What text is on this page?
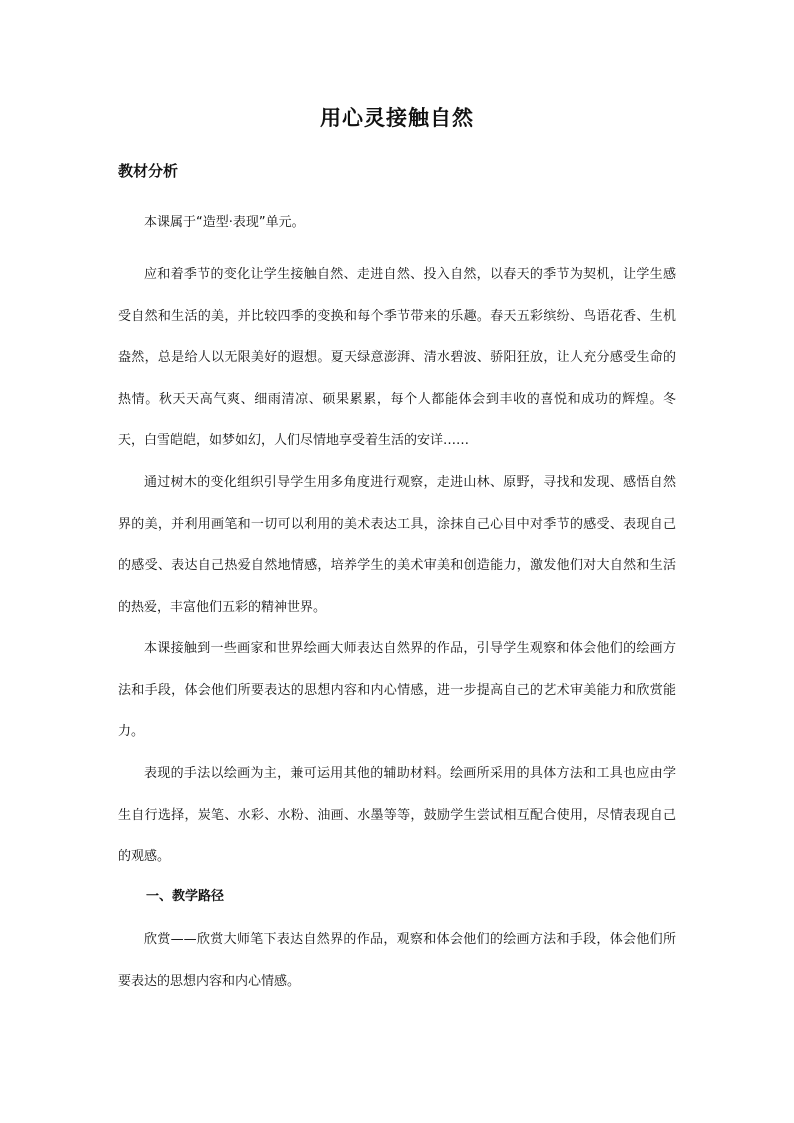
用心灵接触自然
教材分析

本课属于“造型·表现”单元。

应和着季节的变化让学生接触自然、走进自然、投入自然，以春天的季节为契机，让学生感受自然和生活的美，并比较四季的变换和每个季节带来的乐趣。春天五彩缤纷、鸟语花香、生机盎然，总是给人以无限美好的遐想。夏天绿意澎湃、清水碧波、骄阳狂放，让人充分感受生命的热情。秋天天高气爽、细雨清凉、硕果累累，每个人都能体会到丰收的喜悦和成功的辉煌。冬天，白雪皑皑，如梦如幻，人们尽情地享受着生活的安详……

通过树木的变化组织引导学生用多角度进行观察，走进山林、原野，寻找和发现、感悟自然界的美，并利用画笔和一切可以利用的美术表达工具，涂抹自己心目中对季节的感受、表现自己的感受、表达自己热爱自然地情感，培养学生的美术审美和创造能力，激发他们对大自然和生活的热爱，丰富他们五彩的精神世界。

本课接触到一些画家和世界绘画大师表达自然界的作品，引导学生观察和体会他们的绘画方法和手段，体会他们所要表达的思想内容和内心情感，进一步提高自己的艺术审美能力和欣赏能力。

表现的手法以绘画为主，兼可运用其他的辅助材料。绘画所采用的具体方法和工具也应由学生自行选择，炭笔、水彩、水粉、油画、水墨等等，鼓励学生尝试相互配合使用，尽情表现自己的观感。

一、教学路径

欣赏——欣赏大师笔下表达自然界的作品，观察和体会他们的绘画方法和手段，体会他们所要表达的思想内容和内心情感。
